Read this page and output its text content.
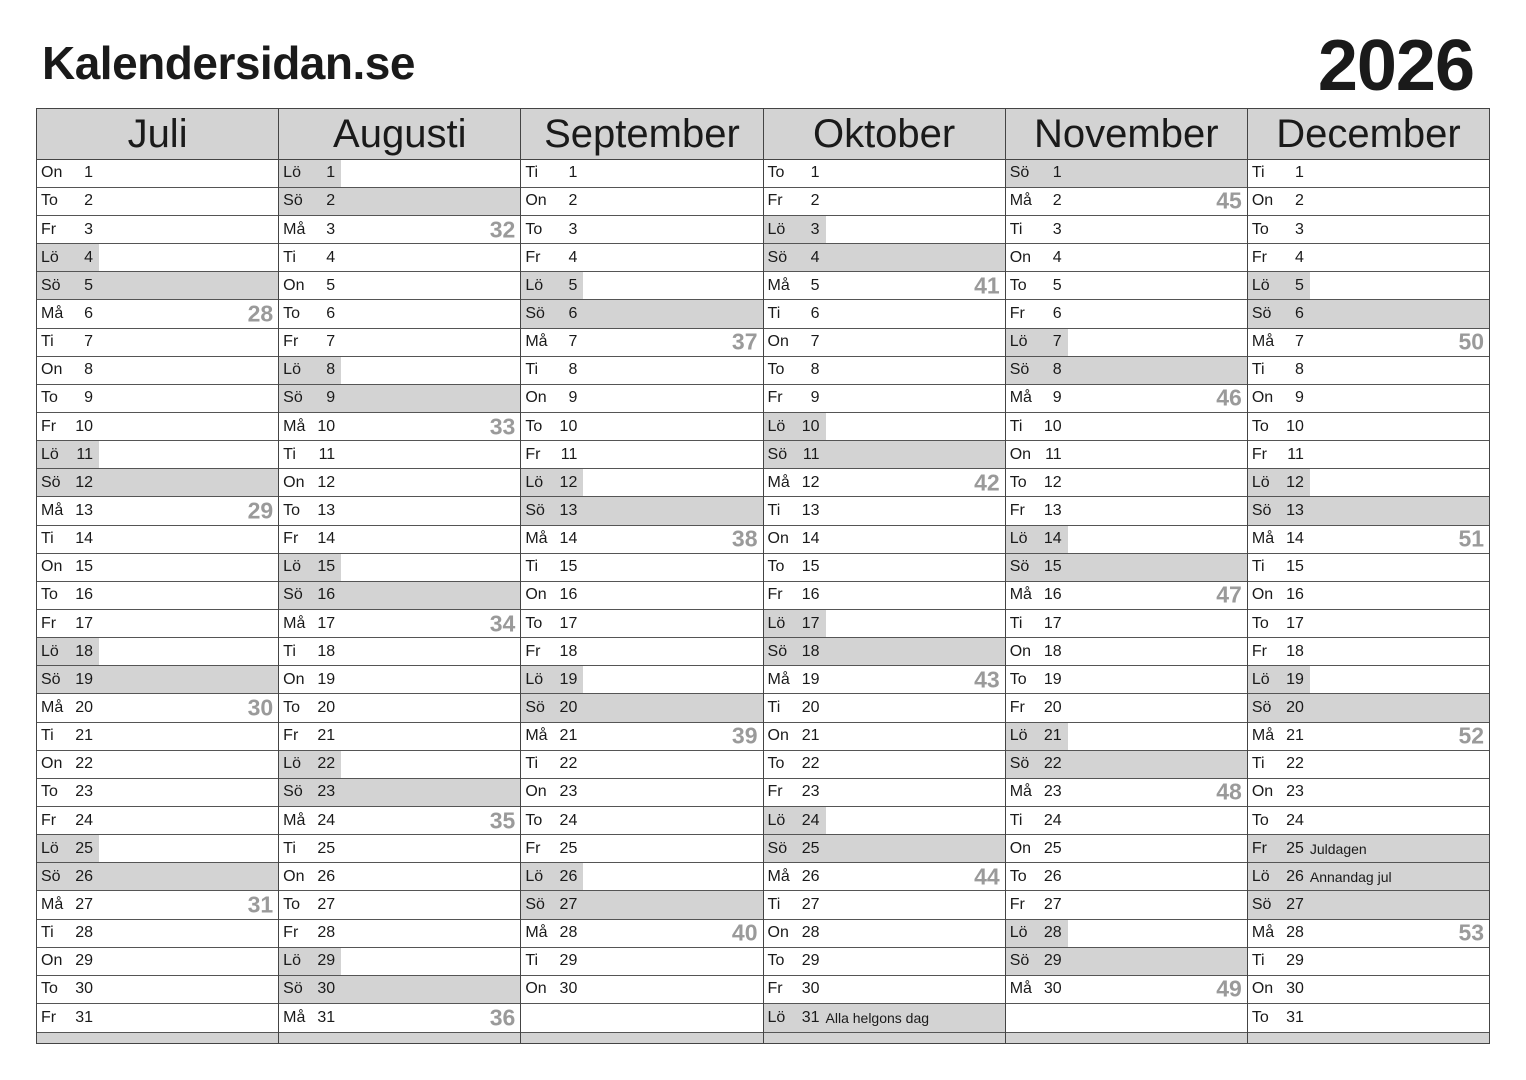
Kalendersidan.se	2026
Juli
On	1
To	2
Fr	3
Lö	4
Sö	5
Må	6	28
Ti	7
On	8
To	9
Fr	10
Lö	11
Sö 12
Må 13	29
Ti	14
On 15
To	16
Fr	17
Lö	18
Sö 19
Må 20	30
Ti	21
On 22
To	23
Fr	24
Lö	25
Sö 26
Må 27	31
Ti	28
On 29
To	30
Fr	31
Augusti
Lö	1
Sö	2
Må	3	32
Ti	4
On	5
To	6
Fr	7
Lö	8
Sö	9
Må 10	33
Ti	11
On 12
To	13
Fr	14
Lö	15
Sö 16
Må 17	34
Ti	18
On 19
To	20
Fr	21
Lö	22
Sö 23
Må 24	35
Ti	25
On 26
To	27
Fr	28
Lö	29
Sö 30
Må 31	36
September
Ti	1
On	2
To	3
Fr	4
Lö	5
Sö	6
Må	7	37
Ti	8
On	9
To	10
Fr	11
Lö	12
Sö 13
Må 14	38
Ti	15
On 16
To	17
Fr	18
Lö	19
Sö 20
Må 21	39
Ti	22
On 23
To	24
Fr	25
Lö	26
Sö 27
Må 28	40
Ti	29
On 30
Oktober
To	1
Fr	2
Lö	3
Sö	4
Må	5	41
Ti	6
On	7
To	8
Fr	9
Lö	10
Sö 11
Må 12	42
Ti	13
On 14
To	15
Fr	16
Lö	17
Sö 18
Må 19	43
Ti	20
On 21
To	22
Fr	23
Lö	24
Sö 25
Må 26	44
Ti	27
On 28
To	29
Fr	30
Lö	31 Alla helgons dag
November
Sö	1
Må	2	45
Ti	3
On	4
To	5
Fr	6
Lö	7
Sö	8
Må	9	46
Ti	10
On 11
To	12
Fr	13
Lö	14
Sö 15
Må 16	47
Ti	17
On 18
To	19
Fr	20
Lö	21
Sö 22
Må 23	48
Ti	24
On 25
To	26
Fr	27
Lö	28
Sö 29
Må 30	49
December
Ti	1
On	2
To	3
Fr	4
Lö	5
Sö	6
Må	7	50
Ti	8
On	9
To	10
Fr	11
Lö	12
Sö 13
Må 14	51
Ti	15
On 16
To	17
Fr	18
Lö	19
Sö 20
Må 21	52
Ti	22
On 23
To	24
Fr	25 Juldagen
Lö	26 Annandag jul
Sö 27
Må 28	53
Ti	29
On 30
To	31
